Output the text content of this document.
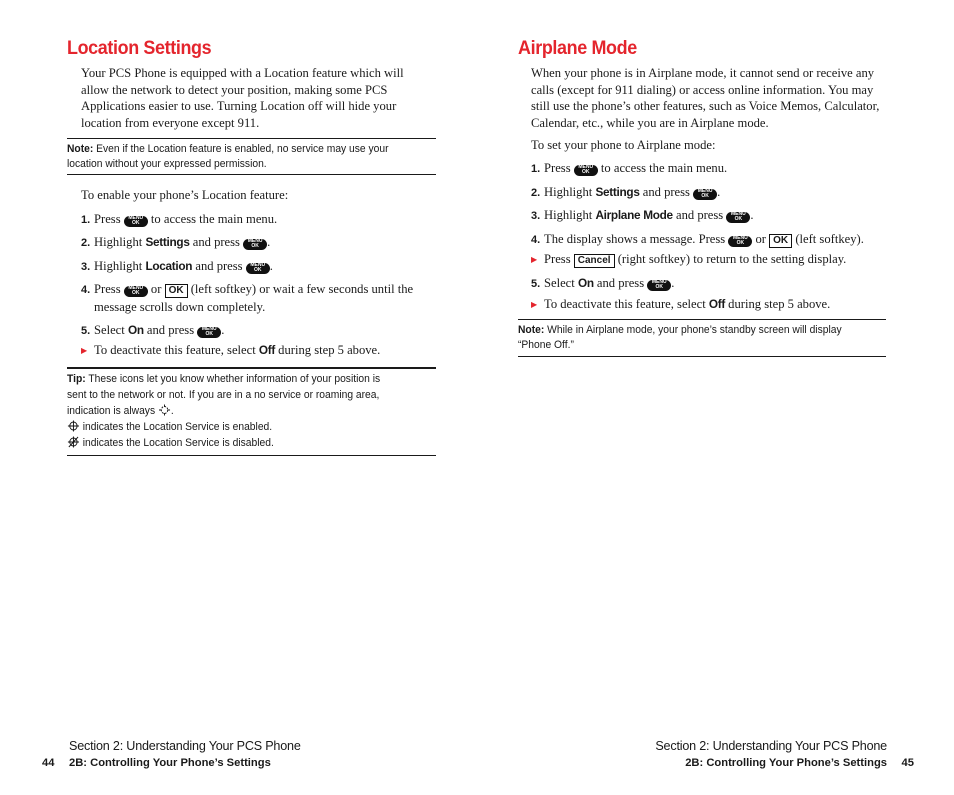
Location Settings
Your PCS Phone is equipped with a Location feature which will allow the network to detect your position, making some PCS Applications easier to use. Turning Location off will hide your location from everyone except 911.
Note: Even if the Location feature is enabled, no service may use your
location without your expressed permission.
To enable your phone’s Location feature:
1. Press MENU
OK to access the main menu.
2. Highlight Settings and press MENU
OK .
3. Highlight Location and press MENU
OK .
4. Press MENU
OK or OK (left softkey) or wait a few seconds until the
message scrolls down completely.
5. Select On and press MENU
OK .
▶ To deactivate this feature, select Off during step 5 above.
Tip: These icons let you know whether information of your position is
sent to the network or not. If you are in a no service or roaming area,
indication is always .
indicates the Location Service is enabled.
indicates the Location Service is disabled.
Airplane Mode
When your phone is in Airplane mode, it cannot send or receive any calls (except for 911 dialing) or access online information. You may still use the phone’s other features, such as Voice Memos, Calculator, Calendar, etc., while you are in Airplane mode.
To set your phone to Airplane mode:
1. Press MENU
OK to access the main menu.
2. Highlight Settings and press MENU
OK .
3. Highlight Airplane Mode and press MENU
OK .
4. The display shows a message. Press MENU
OK or OK (left softkey).
▶ Press Cancel (right softkey) to return to the setting display.
5. Select On and press MENU
OK .
▶ To deactivate this feature, select Off during step 5 above.
Note: While in Airplane mode, your phone’s standby screen will display
“Phone Off.”
Section 2: Understanding Your PCS Phone
44 2B: Controlling Your Phone’s Settings
Section 2: Understanding Your PCS Phone
2B: Controlling Your Phone’s Settings 45
